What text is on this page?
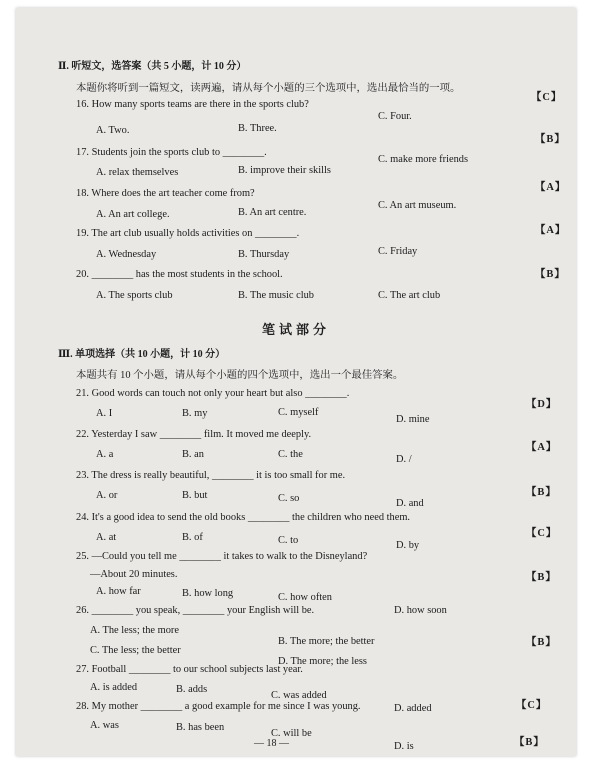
Ⅱ. 听短文，选答案（共 5 小题，计 10 分）
本题你将听到一篇短文，读两遍，请从每个小题的三个选项中，选出最恰当的一项。
【C】
16. How many sports teams are there in the sports club?
C. Four.
A. Two.	B. Three.
【B】
17. Students join the sports club to ________.
C. make more friends
A. relax themselves	B. improve their skills
【A】
18. Where does the art teacher come from?
C. An art museum.
A. An art college.	B. An art centre.
【A】
19. The art club usually holds activities on ________.
A. Wednesday	B. Thursday	C. Friday
【B】
20. ________ has the most students in the school.
A. The sports club	B. The music club	C. The art club
笔试部分
Ⅲ. 单项选择（共 10 小题，计 10 分）
本题共有 10 个小题，请从每个小题的四个选项中，选出一个最佳答案。
21. Good words can touch not only your heart but also ________.
【D】
A. I	B. my	C. myself
D. mine
22. Yesterday I saw ________ film. It moved me deeply.
【A】
A. a	B. an	C. the	D. /
23. The dress is really beautiful, ________ it is too small for me.
【B】
A. or	B. but	C. so	D. and
24. It's a good idea to send the old books ________ the children who need them.
【C】
A. at	B. of	C. to	D. by
25. —Could you tell me ________ it takes to walk to the Disneyland?
—About 20 minutes.	【B】
A. how far	B. how long	C. how often
D. how soon
26. ________ you speak, ________ your English will be.
【B】
A. The less; the more
B. The more; the better
C. The less; the better
D. The more; the less
27. Football ________ to our school subjects last year.
【C】
A. is added	B. adds
C. was added
D. added
28. My mother ________ a good example for me since I was young.
A. was	B. has been
C. will be
D. is	【B】
— 18 —
